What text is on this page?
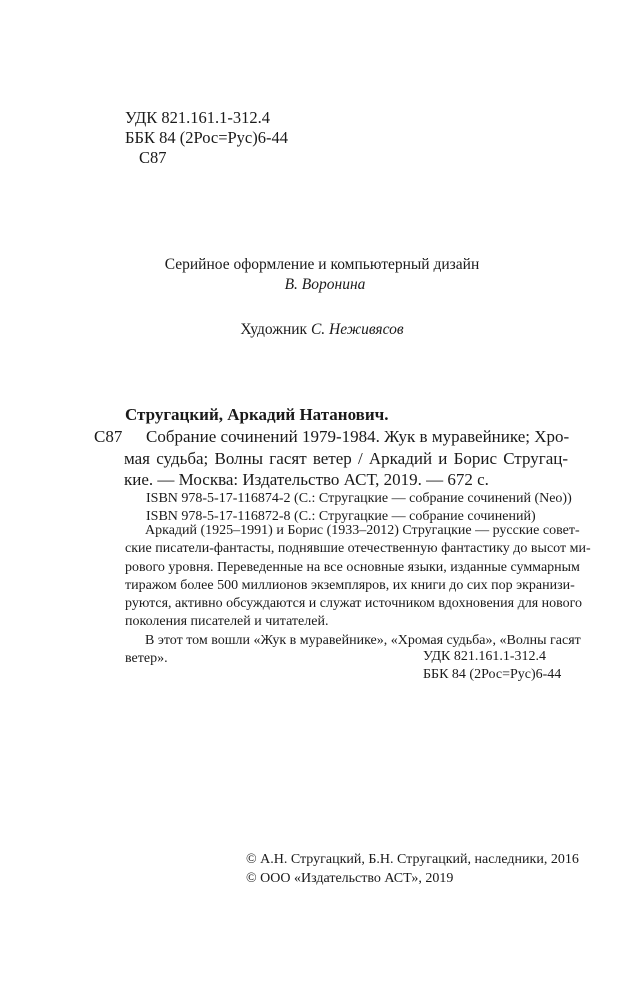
УДК 821.161.1-312.4
ББК 84 (2Рос=Рус)6-44
С87
Серийное оформление и компьютерный дизайн
В. Воронина
Художник С. Неживясов
Стругацкий, Аркадий Натанович.
С87 Собрание сочинений 1979-1984. Жук в муравейнике; Хро-
мая судьба; Волны гасят ветер / Аркадий и Борис Стругац-
кие. — Москва: Издательство АСТ, 2019. — 672 с.
ISBN 978-5-17-116874-2 (С.: Стругацкие — собрание сочинений (Neo))
ISBN 978-5-17-116872-8 (С.: Стругацкие — собрание сочинений)
Аркадий (1925–1991) и Борис (1933–2012) Стругацкие — русские совет-
ские писатели-фантасты, поднявшие отечественную фантастику до высот ми-
рового уровня. Переведенные на все основные языки, изданные суммарным
тиражом более 500 миллионов экземпляров, их книги до сих пор экранизи-
руются, активно обсуждаются и служат источником вдохновения для нового
поколения писателей и читателей.
В этот том вошли «Жук в муравейнике», «Хромая судьба», «Волны гасят
ветер».	УДК 821.161.1-312.4
ББК 84 (2Рос=Рус)6-44
© А.Н. Стругацкий, Б.Н. Стругацкий, наследники, 2016
© ООО «Издательство АСТ», 2019
